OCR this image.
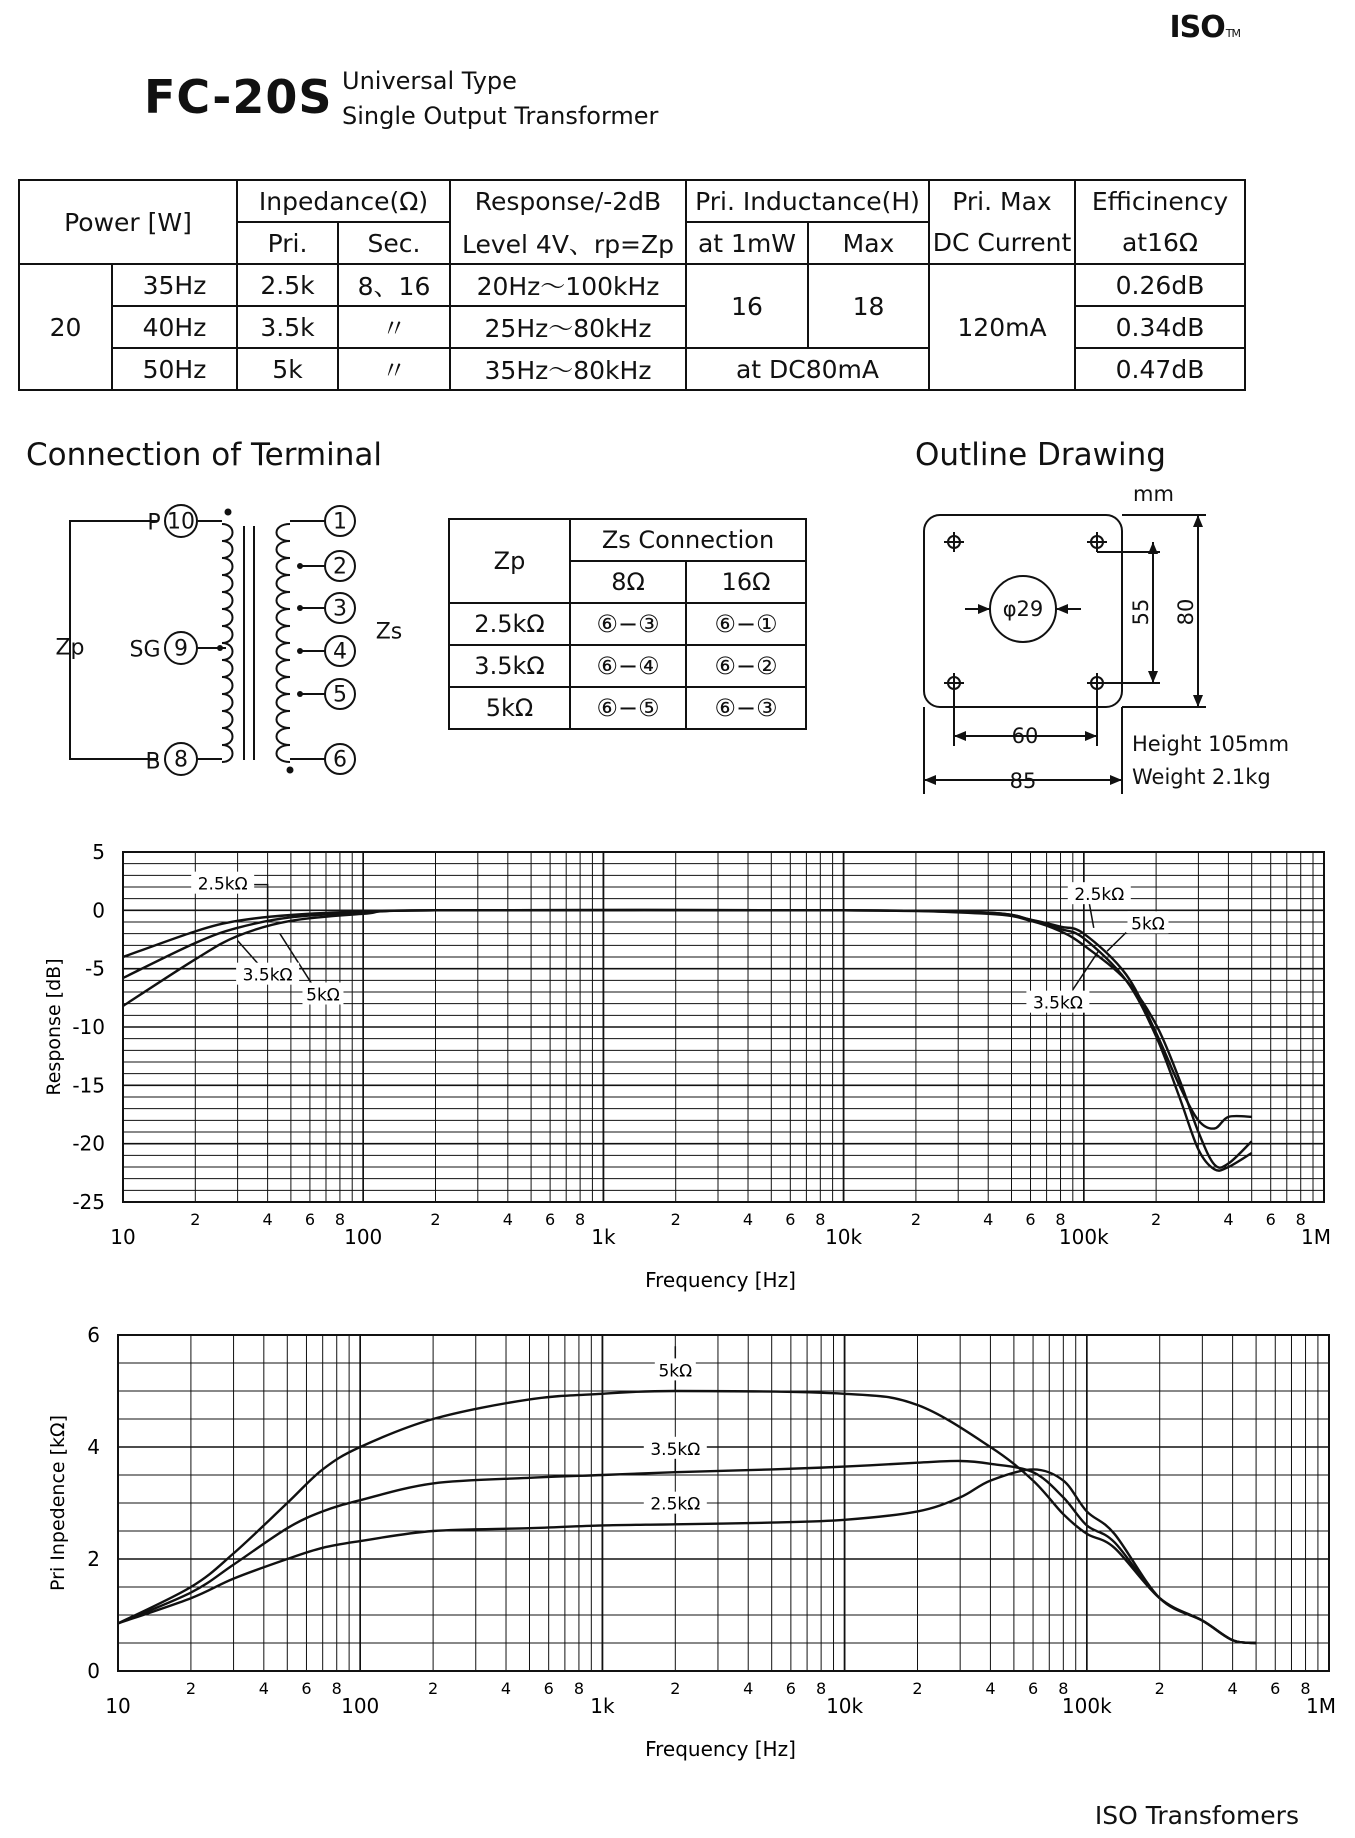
ISOTM
FC-20S Universal Type
Single Output Transformer
Power [W]		Inpedance(Ω)		Response/-2dB	Pri. Inductance(H)		Pri. Max	Efficinency
		Pri.	Sec.	Level 4V、rp=Zp	at 1mW	Max	DC Current	at16Ω
20	35Hz	2.5k	8、16	20Hz〜100kHz	16	18	120mA	0.26dB
	40Hz	3.5k	〃	25Hz〜80kHz				0.34dB
	50Hz	5k	〃	35Hz〜80kHz	at DC80mA			0.47dB
Connection of Terminal	Outline Drawing
10
9
8
1
2
3
4
5
6
P
SG
B
Zp
Zs
Zp	Zs Connection	
	8Ω	16Ω
2.5kΩ	⑥−③	⑥−①
3.5kΩ	⑥−④	⑥−②
5kΩ	⑥−⑤	⑥−③
mm
φ29	55 80
60
85
Height 105mm
Weight 2.1kg
5
0
-5
-10
-15
-20
-25
10	100	1k	10k	100k	1M
2	4 6 8	2	4 6 8	2	4 6 8	2	4 6 8	2	4 6 8
Frequency [Hz]
Response [dB]
2.5kΩ
3.5kΩ
5kΩ
2.5kΩ
5kΩ
3.5kΩ
6
4
2
0
10	100	1k	10k	100k	1M
2	4 6 8	2	4 6 8	2	4 6 8	2	4 6 8	2	4 6 8
Frequency [Hz]
Pri Inpedence [kΩ]
5kΩ
3.5kΩ
2.5kΩ
ISO Transfomers
